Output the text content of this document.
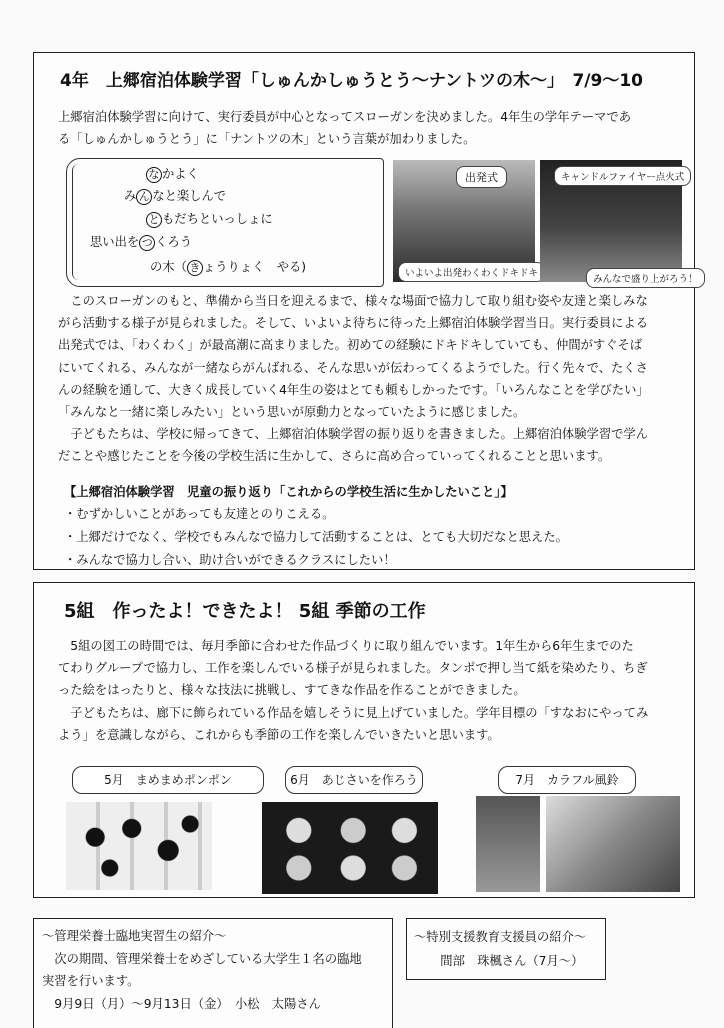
4年　上郷宿泊体験学習「しゅんかしゅうとう～ナントツの木～」　7/9～10
上郷宿泊体験学習に向けて、実行委員が中心となってスローガンを決めました。4年生の学年テーマであ
る「しゅんかしゅうとう」に「ナントツの木」という言葉が加わりました。
な かよく
み ん なと楽しんで
と もだちといっしょに
思い出を つ くろう
の木（ き ょうりょく　やる)
出発式
いよいよ出発わくわくドキドキ
キャンドルファイヤー点火式
みんなで盛り上がろう！
　このスローガンのもと、準備から当日を迎えるまで、様々な場面で協力して取り組む姿や友達と楽しみな
がら活動する様子が見られました。そして、いよいよ待ちに待った上郷宿泊体験学習当日。実行委員による
出発式では、「わくわく」が最高潮に高まりました。初めての経験にドキドキしていても、仲間がすぐそば
にいてくれる、みんなが一緒ならがんばれる、そんな思いが伝わってくるようでした。行く先々で、たくさ
んの経験を通して、大きく成長していく4年生の姿はとても頼もしかったです。「いろんなことを学びたい」
「みんなと一緒に楽しみたい」という思いが原動力となっていたように感じました。
　子どもたちは、学校に帰ってきて、上郷宿泊体験学習の振り返りを書きました。上郷宿泊体験学習で学ん
だことや感じたことを今後の学校生活に生かして、さらに高め合っていってくれることと思います。
【上郷宿泊体験学習　児童の振り返り「これからの学校生活に生かしたいこと」】
・むずかしいことがあっても友達とのりこえる。
・上郷だけでなく、学校でもみんなで協力して活動することは、とても大切だなと思えた。
・みんなで協力し合い、助け合いができるクラスにしたい！
5組　作ったよ！できたよ！ 5組 季節の工作
　5組の図工の時間では、毎月季節に合わせた作品づくりに取り組んでいます。1年生から6年生までのた
てわりグループで協力し、工作を楽しんでいる様子が見られました。タンポで押し当て紙を染めたり、ちぎ
った絵をはったりと、様々な技法に挑戦し、すてきな作品を作ることができました。
　子どもたちは、廊下に飾られている作品を嬉しそうに見上げていました。学年目標の「すなおにやってみ
よう」を意識しながら、これからも季節の工作を楽しんでいきたいと思います。
5月　まめまめポンポン	6月　あじさいを作ろう	7月　カラフル風鈴
～管理栄養士臨地実習生の紹介～
　次の期間、管理栄養士をめざしている大学生１名の臨地
実習を行います。
　9月9日（月）～9月13日（金）　小松　太陽さん
～特別支援教育支援員の紹介～
　間部　珠楓さん（7月～）
